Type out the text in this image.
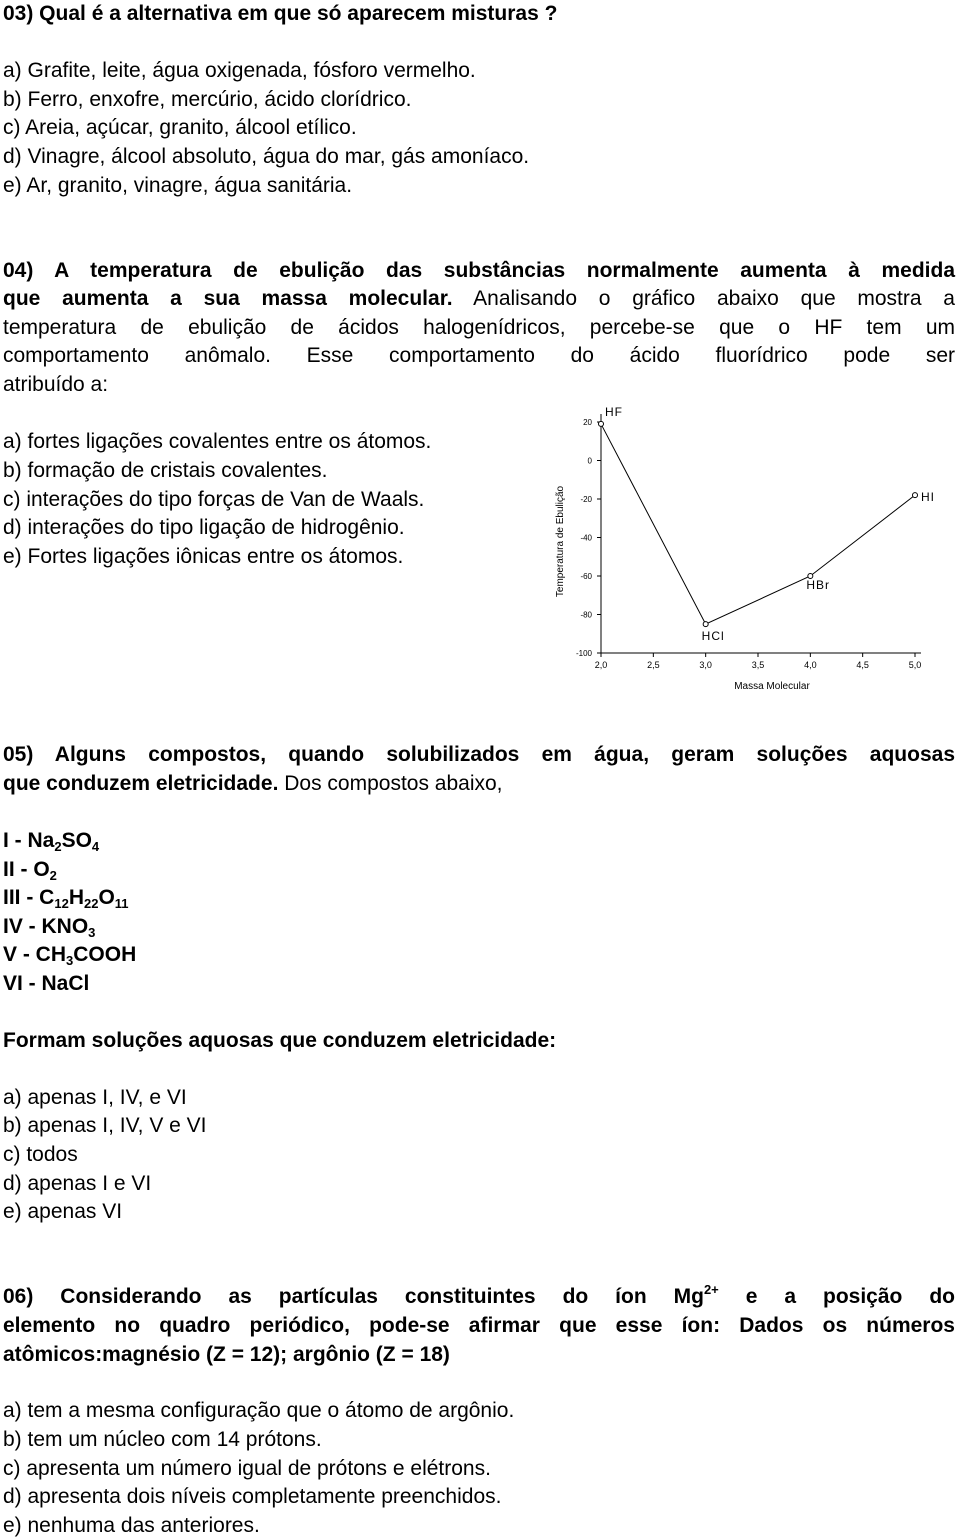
03) Qual é a alternativa em que só aparecem misturas ?
a) Grafite, leite, água oxigenada, fósforo vermelho.
b) Ferro, enxofre, mercúrio, ácido clorídrico.
c) Areia, açúcar, granito, álcool etílico.
d) Vinagre, álcool absoluto, água do mar, gás amoníaco.
e) Ar, granito, vinagre, água sanitária.
04) A temperatura de ebulição das substâncias normalmente aumenta à medida
que aumenta a sua massa molecular. Analisando o gráfico abaixo que mostra a
temperatura de ebulição de ácidos halogenídricos, percebe-se que o HF tem um
comportamento anômalo. Esse comportamento do ácido fluorídrico pode ser
atribuído a:
a) fortes ligações covalentes entre os átomos.
b) formação de cristais covalentes.
c) interações do tipo forças de Van de Waals.
d) interações do tipo ligação de hidrogênio.
e) Fortes ligações iônicas entre os átomos.
20
0
-20
-40
-60
-80
-100
2,0	2,5	3,0	3,5	4,0	4,5	5,0
Massa Molecular
Temperatura de Ebulição
HF
HCl
HBr
HI
05) Alguns compostos, quando solubilizados em água, geram soluções aquosas
que conduzem eletricidade. Dos compostos abaixo,
I - $Na_2SO_4$
II - $O_2$
III - $C_{12}H_{22}O_{11}$
IV - $KNO_3$
V - $CH_3COOH$
VI - NaCl
Formam soluções aquosas que conduzem eletricidade:
a) apenas I, IV, e VI
b) apenas I, IV, V e VI
c) todos
d) apenas I e VI
e) apenas VI
06) Considerando as partículas constituintes do íon $Mg^{2+}$ e a posição do
elemento no quadro periódico, pode-se afirmar que esse íon: Dados os números
atômicos:magnésio (Z = 12); argônio (Z = 18)
a) tem a mesma configuração que o átomo de argônio.
b) tem um núcleo com 14 prótons.
c) apresenta um número igual de prótons e elétrons.
d) apresenta dois níveis completamente preenchidos.
e) nenhuma das anteriores.
